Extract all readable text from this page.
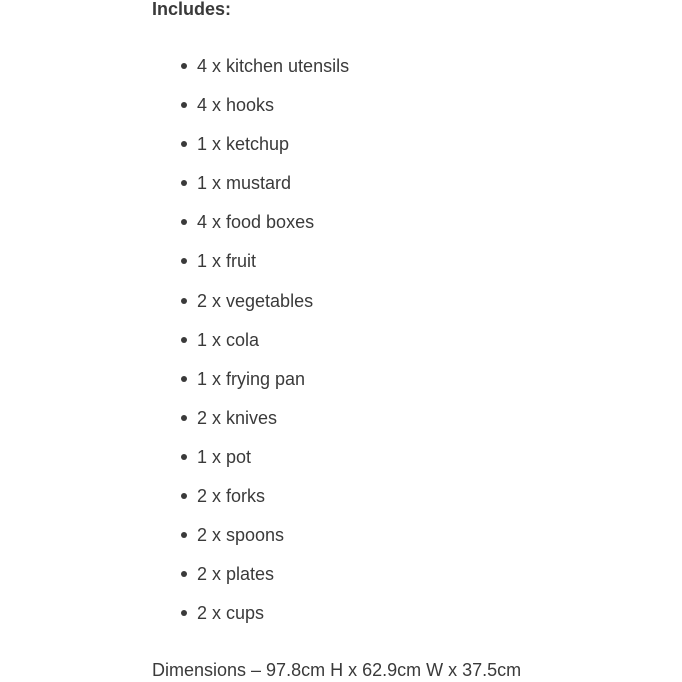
Includes:
4 x kitchen utensils
4 x hooks
1 x ketchup
1 x mustard
4 x food boxes
1 x fruit
2 x vegetables
1 x cola
1 x frying pan
2 x knives
1 x pot
2 x forks
2 x spoons
2 x plates
2 x cups
Dimensions – 97.8cm H x 62.9cm W x 37.5cm
